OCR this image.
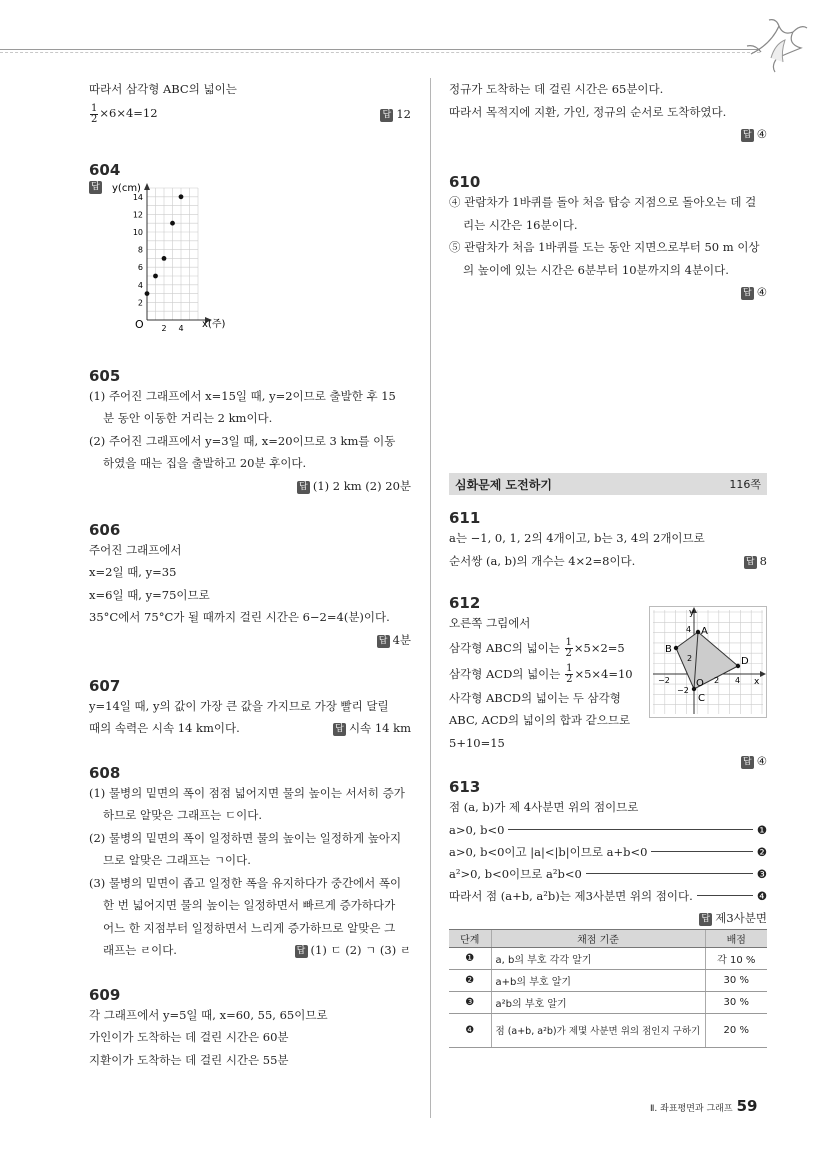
따라서 삼각형 ABC의 넓이는
$\frac{1}{2} \times 6\times 4=12$	답 12
604
답 y(cm)
x(주)
O
2
4
6
8
10
12
14
2 4
605
(1) 주어진 그래프에서 x=15일 때, y=2이므로 출발한 후 15
분 동안 이동한 거리는 2 km이다.
(2) 주어진 그래프에서 y=3일 때, x=20이므로 3 km를 이동
하였을 때는 집을 출발하고 20분 후이다.
답 (1) 2 km (2) 20분
606
주어진 그래프에서
x=2일 때, y=35
x=6일 때, y=75이므로
35°C에서 75°C가 될 때까지 걸린 시간은 6−2=4(분)이다.
답 4분
607
y=14일 때, y의 값이 가장 큰 값을 가지므로 가장 빨리 달릴
때의 속력은 시속 14 km이다.	답 시속 14 km
608
(1) 물병의 밑면의 폭이 점점 넓어지면 물의 높이는 서서히 증가
하므로 알맞은 그래프는 ㄷ이다.
(2) 물병의 밑면의 폭이 일정하면 물의 높이는 일정하게 높아지
므로 알맞은 그래프는 ㄱ이다.
(3) 물병의 밑면이 좁고 일정한 폭을 유지하다가 중간에서 폭이
한 번 넓어지면 물의 높이는 일정하면서 빠르게 증가하다가
어느 한 지점부터 일정하면서 느리게 증가하므로 알맞은 그
래프는 ㄹ이다.	답 (1) ㄷ (2) ㄱ (3) ㄹ
609
각 그래프에서 y=5일 때, x=60, 55, 65이므로
가인이가 도착하는 데 걸린 시간은 60분
지환이가 도착하는 데 걸린 시간은 55분
정규가 도착하는 데 걸린 시간은 65분이다.
따라서 목적지에 지환, 가인, 정규의 순서로 도착하였다.
답 ④
610
④ 관람차가 1바퀴를 돌아 처음 탑승 지점으로 돌아오는 데 걸
리는 시간은 16분이다.
⑤ 관람차가 처음 1바퀴를 도는 동안 지면으로부터 50 m 이상
의 높이에 있는 시간은 6분부터 10분까지의 4분이다.
답 ④
심화문제 도전하기	116쪽
611
a는 −1, 0, 1, 2의 4개이고, b는 3, 4의 2개이므로
순서쌍 (a, b)의 개수는 4×2=8이다.	답 8
612
오른쪽 그림에서
삼각형 ABC의 넓이는 $\frac{1}{2} \times 5\times 2=5$
삼각형 ACD의 넓이는 $\frac{1}{2} \times 5\times 4=10$
사각형 ABCD의 넓이는 두 삼각형
ABC, ACD의 넓이의 합과 같으므로
5+10=15
답 ④
y
x
O
4
2
−2
−2	2 4
A
B
C
D
613
점 (a, b)가 제 4사분면 위의 점이므로
a>0, b<0	❶
a>0, b<0이고 |a|<|b|이므로 a+b<0	❷
a²>0, b<0이므로 a²b<0	❸
따라서 점 (a+b, a²b)는 제3사분면 위의 점이다.	❹
답 제3사분면
단계	채점 기준	배점
❶	a, b의 부호 각각 알기	각 10 %
❷	a+b의 부호 알기	30 %
❸	a²b의 부호 알기	30 %
❹	점 (a+b, a²b)가 제몇 사분면 위의 점인지 구하기	20 %
Ⅱ. 좌표평면과 그래프 59
